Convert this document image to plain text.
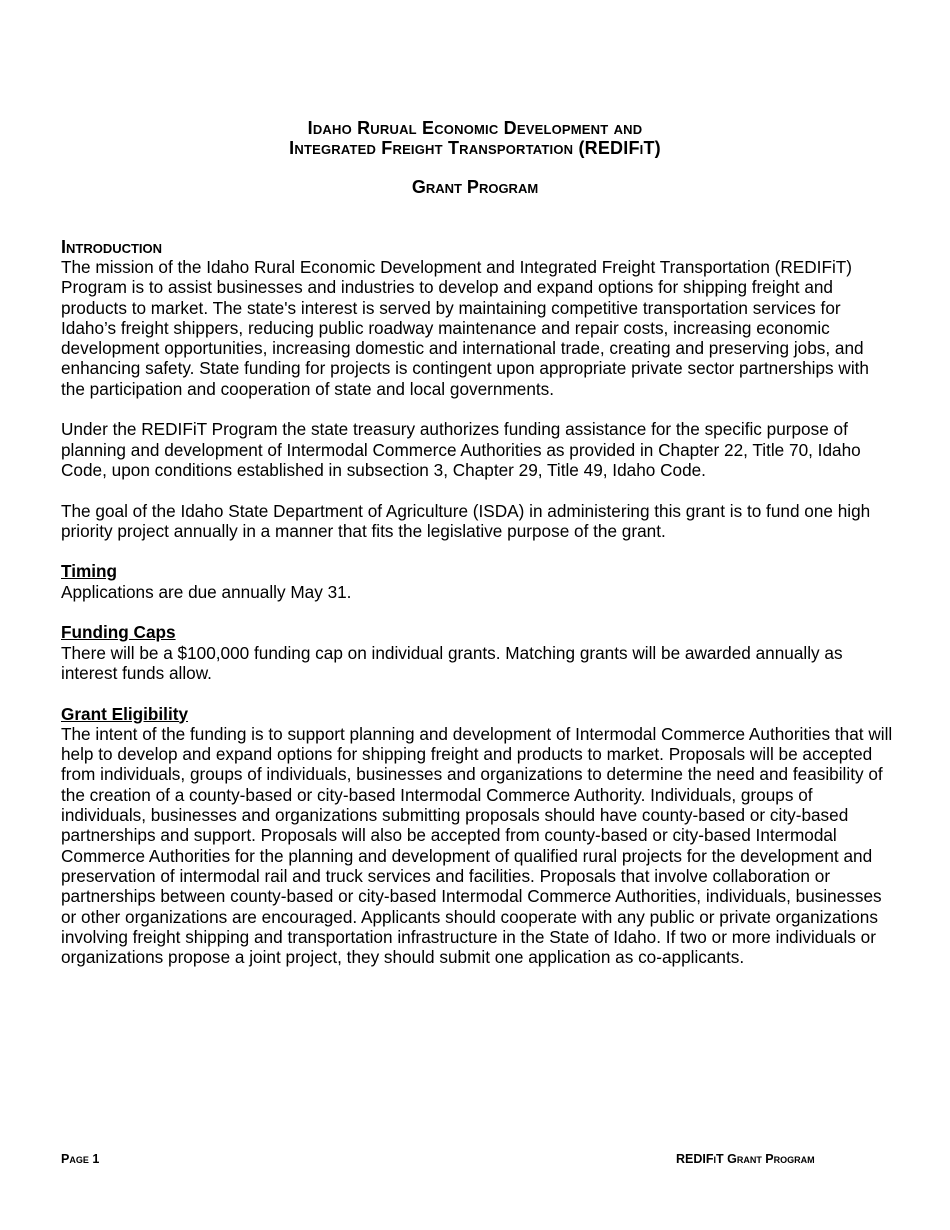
Idaho Rurual Economic Development and
Integrated Freight Transportation (REDIFiT)
Grant Program
Introduction

The mission of the Idaho Rural Economic Development and Integrated Freight Transportation (REDIFiT) Program is to assist businesses and industries to develop and expand options for shipping freight and products to market. The state's interest is served by maintaining competitive transportation services for Idaho’s freight shippers, reducing public roadway maintenance and repair costs, increasing economic development opportunities, increasing domestic and international trade, creating and preserving jobs, and enhancing safety. State funding for projects is contingent upon appropriate private sector partnerships with the participation and cooperation of state and local governments.

Under the REDIFiT Program the state treasury authorizes funding assistance for the specific purpose of planning and development of Intermodal Commerce Authorities as provided in Chapter 22, Title 70, Idaho Code, upon conditions established in subsection 3, Chapter 29, Title 49, Idaho Code.

The goal of the Idaho State Department of Agriculture (ISDA) in administering this grant is to fund one high priority project annually in a manner that fits the legislative purpose of the grant.

Timing

Applications are due annually May 31.

Funding Caps

There will be a $100,000 funding cap on individual grants. Matching grants will be awarded annually as interest funds allow.

Grant Eligibility

The intent of the funding is to support planning and development of Intermodal Commerce Authorities that will help to develop and expand options for shipping freight and products to market. Proposals will be accepted from individuals, groups of individuals, businesses and organizations to determine the need and feasibility of the creation of a county-based or city-based Intermodal Commerce Authority. Individuals, groups of individuals, businesses and organizations submitting proposals should have county-based or city-based partnerships and support. Proposals will also be accepted from county-based or city-based Intermodal Commerce Authorities for the planning and development of qualified rural projects for the development and preservation of intermodal rail and truck services and facilities. Proposals that involve collaboration or partnerships between county-based or city-based Intermodal Commerce Authorities, individuals, businesses or other organizations are encouraged. Applicants should cooperate with any public or private organizations involving freight shipping and transportation infrastructure in the State of Idaho. If two or more individuals or organizations propose a joint project, they should submit one application as co-applicants.

Page 1	REDIFiT Grant Program
